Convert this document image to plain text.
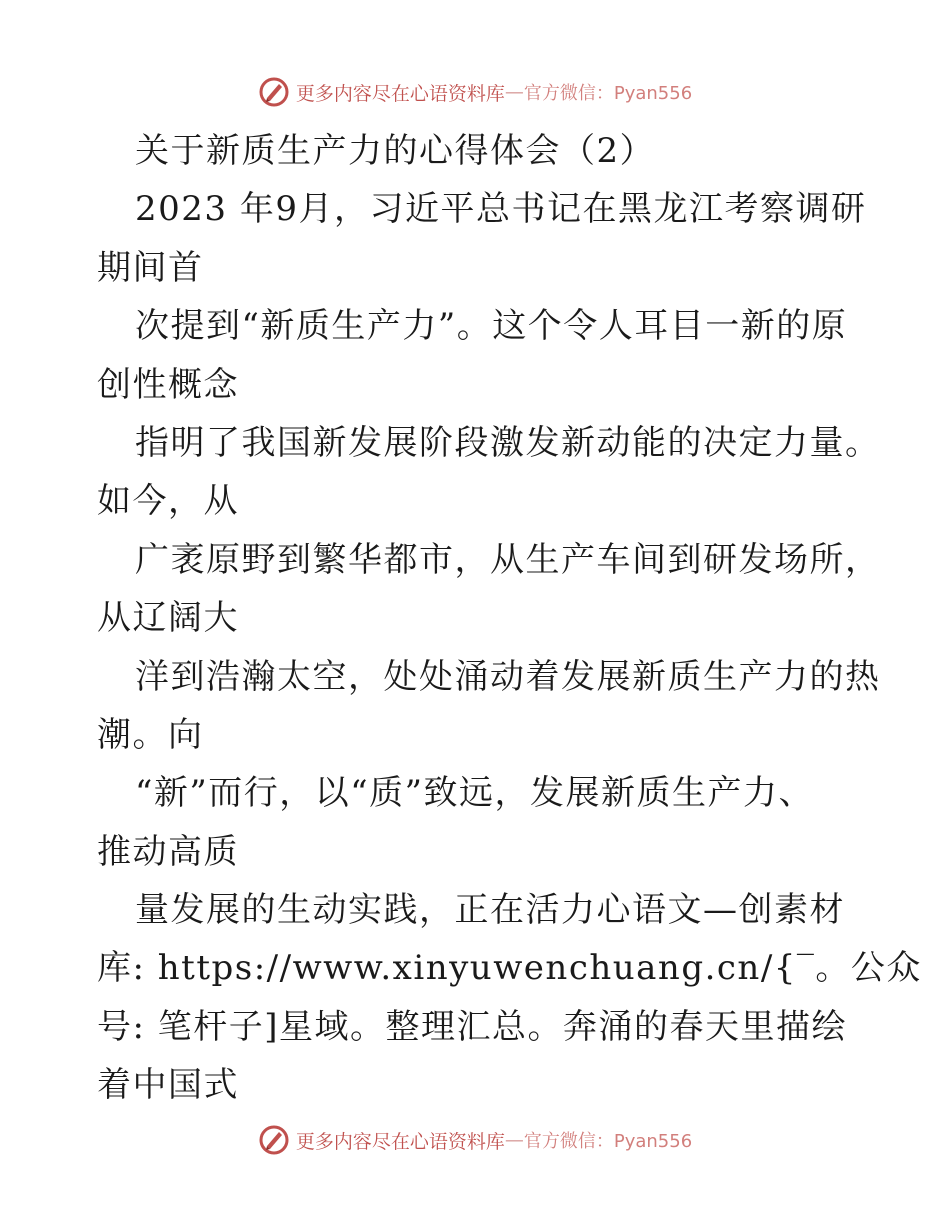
更多内容尽在心语资料库 — 官方微信：Pyan556
关于新质生产力的心得体会（2）
2023 年9月，习近平总书记在黑龙江考察调研
期间首
次提到“新质生产力”。这个令人耳目一新的原
创性概念
指明了我国新发展阶段激发新动能的决定力量。
如今，从
广袤原野到繁华都市，从生产车间到研发场所，
从辽阔大
洋到浩瀚太空，处处涌动着发展新质生产力的热
潮。向
“新”而行，以“质”致远，发展新质生产力、
推动高质
量发展的生动实践，正在活力心语文—创素材
库: https://www.xinyuwenchuang.cn/{‾。公众
号: 笔杆子]星域。整理汇总。奔涌的春天里描绘
着中国式
更多内容尽在心语资料库 — 官方微信：Pyan556
